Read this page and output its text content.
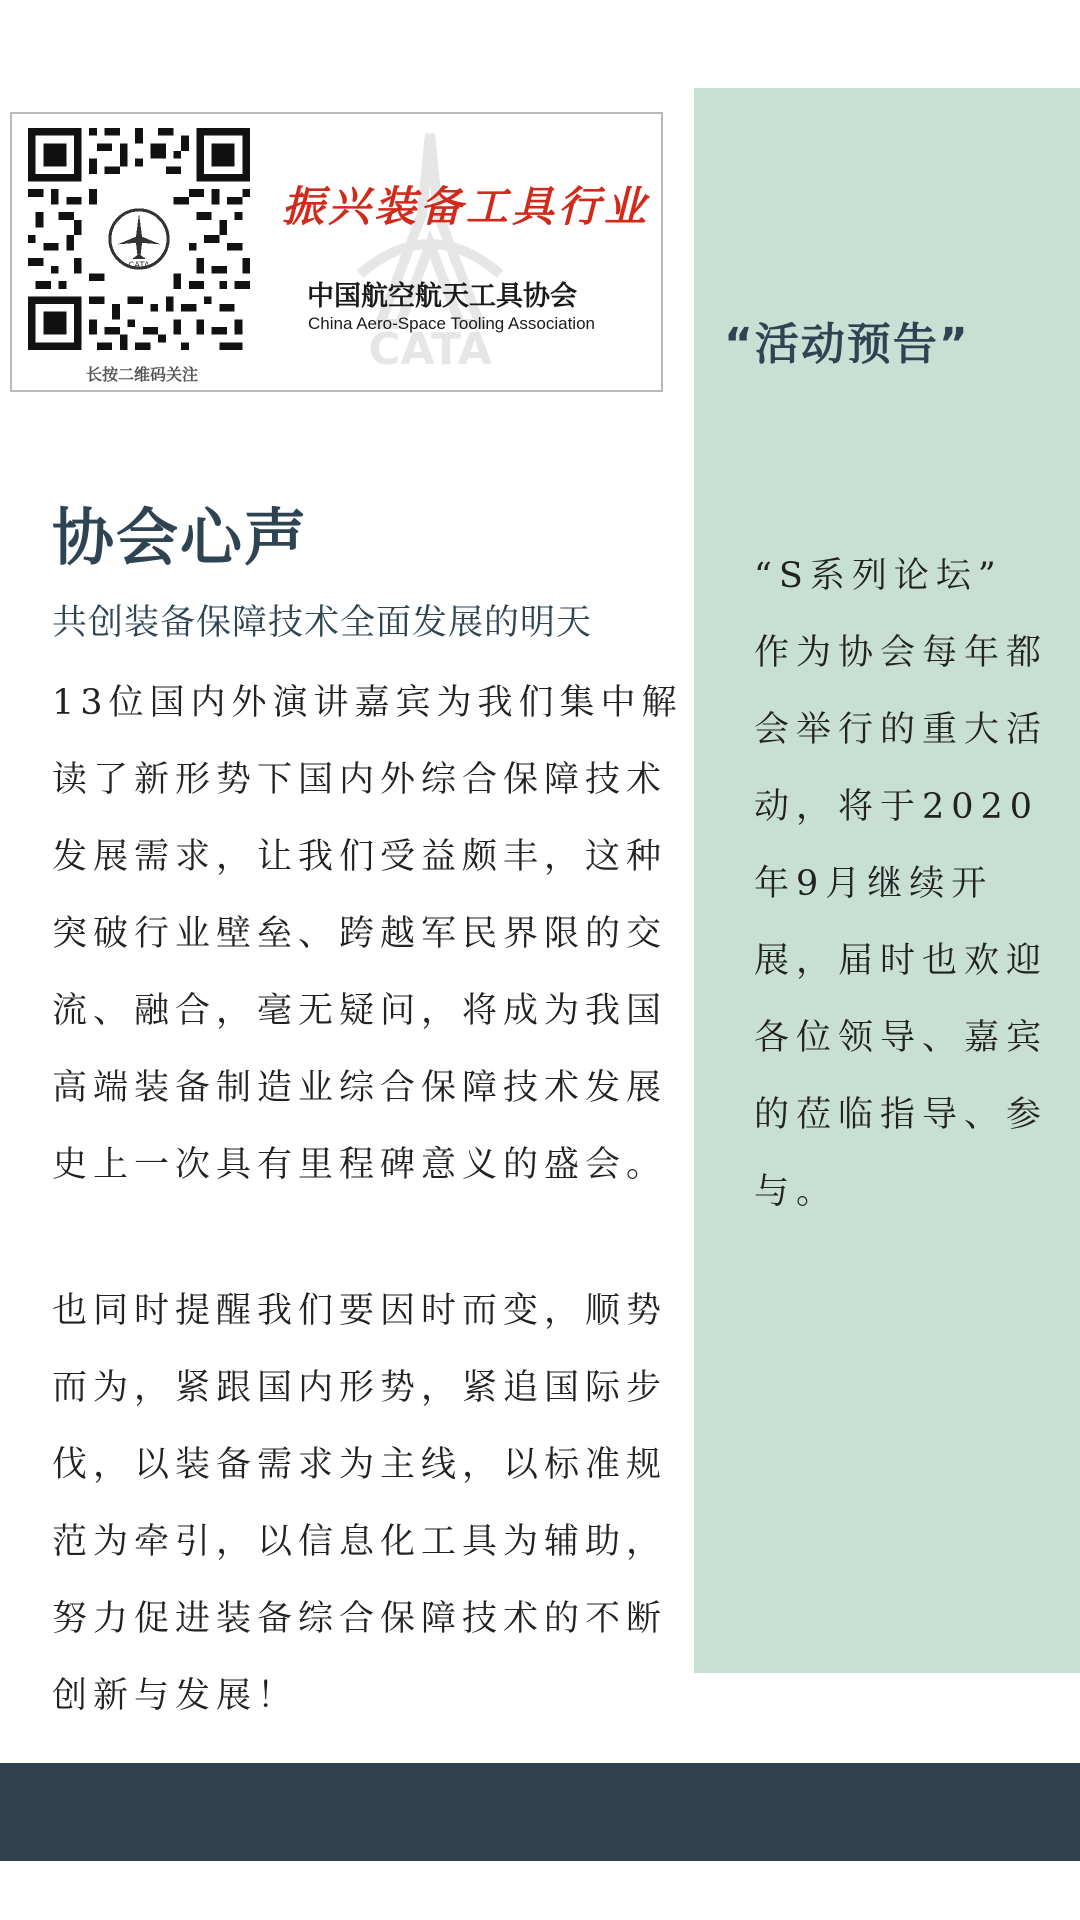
“活动预告”

“S系列论坛”
作为协会每年都
会举行的重大活
动，将于2020
年9月继续开
展，届时也欢迎
各位领导、嘉宾
的莅临指导、参
与。

CATA
长按二维码关注	CATA
振兴装备工具行业
中国航空航天工具协会
China Aero-Space Tooling Association
协会心声
共创装备保障技术全面发展的明天

13位国内外演讲嘉宾为我们集中解
读了新形势下国内外综合保障技术
发展需求，让我们受益颇丰，这种
突破行业壁垒、跨越军民界限的交
流、融合，毫无疑问，将成为我国
高端装备制造业综合保障技术发展
史上一次具有里程碑意义的盛会。

也同时提醒我们要因时而变，顺势
而为，紧跟国内形势，紧追国际步
伐，以装备需求为主线，以标准规
范为牵引，以信息化工具为辅助，
努力促进装备综合保障技术的不断
创新与发展！
